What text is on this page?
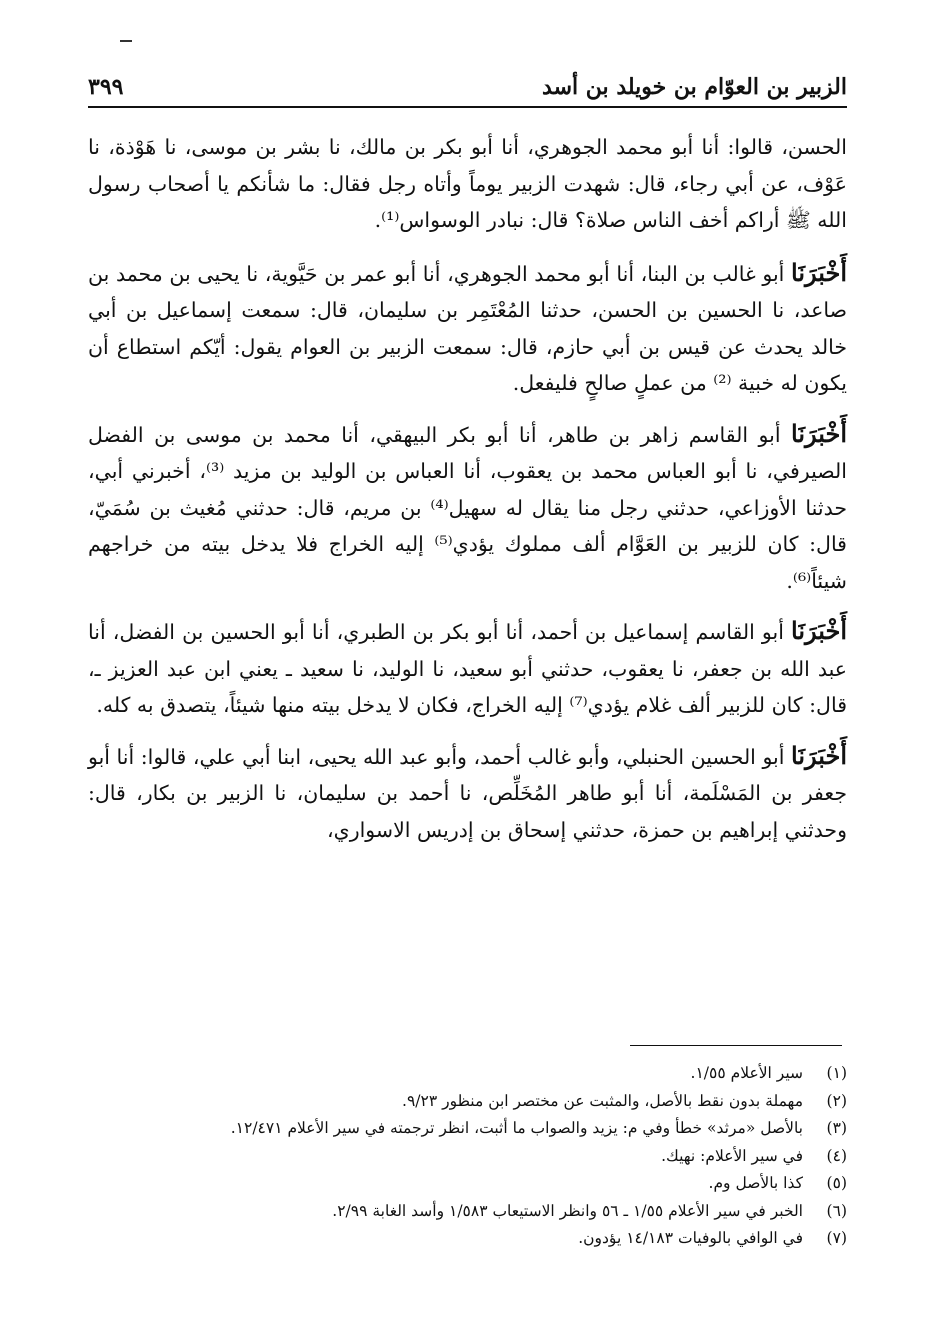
٣٩٩	الزبير بن العوّام بن خويلد بن أسد

الحسن، قالوا: أنا أبو محمد الجوهري، أنا أبو بكر بن مالك، نا بشر بن موسى، نا هَوْذة، نا عَوْف، عن أبي رجاء، قال: شهدت الزبير يوماً وأتاه رجل فقال: ما شأنكم يا أصحاب رسول الله ﷺ أراكم أخف الناس صلاة؟ قال: نبادر الوسواس⁽¹⁾.

أَخْبَرَنَا أبو غالب بن البنا، أنا أبو محمد الجوهري، أنا أبو عمر بن حَيَّوية، نا يحيى بن محمد بن صاعد، نا الحسين بن الحسن، حدثنا المُعْتَمِر بن سليمان، قال: سمعت إسماعيل بن أبي خالد يحدث عن قيس بن أبي حازم، قال: سمعت الزبير بن العوام يقول: أيّكم استطاع أن يكون له خبية ⁽²⁾ من عملٍ صالحٍ فليفعل.

أَخْبَرَنَا أبو القاسم زاهر بن طاهر، أنا أبو بكر البيهقي، أنا محمد بن موسى بن الفضل الصيرفي، نا أبو العباس محمد بن يعقوب، أنا العباس بن الوليد بن مزيد ⁽³⁾، أخبرني أبي، حدثنا الأوزاعي، حدثني رجل منا يقال له سهيل⁽⁴⁾ بن مريم، قال: حدثني مُغيث بن سُمَيّ، قال: كان للزبير بن العَوَّام ألف مملوك يؤدي⁽⁵⁾ إليه الخراج فلا يدخل بيته من خراجهم شيئاً⁽⁶⁾.

أَخْبَرَنَا أبو القاسم إسماعيل بن أحمد، أنا أبو بكر بن الطبري، أنا أبو الحسين بن الفضل، أنا عبد الله بن جعفر، نا يعقوب، حدثني أبو سعيد، نا الوليد، نا سعيد ـ يعني ابن عبد العزيز ـ، قال: كان للزبير ألف غلام يؤدي⁽⁷⁾ إليه الخراج، فكان لا يدخل بيته منها شيئاً، يتصدق به كله.

أَخْبَرَنَا أبو الحسين الحنبلي، وأبو غالب أحمد، وأبو عبد الله يحيى، ابنا أبي علي، قالوا: أنا أبو جعفر بن المَسْلَمة، أنا أبو طاهر المُخَلِّص، نا أحمد بن سليمان، نا الزبير بن بكار، قال: وحدثني إبراهيم بن حمزة، حدثني إسحاق بن إدريس الاسواري،

(١)
سير الأعلام ١/٥٥.
(٢)
مهملة بدون نقط بالأصل، والمثبت عن مختصر ابن منظور ٩/٢٣.
(٣)
بالأصل «مرثد» خطأ وفي م: يزيد والصواب ما أثبت، انظر ترجمته في سير الأعلام ١٢/٤٧١.
(٤)
في سير الأعلام: نهيك.
(٥)
كذا بالأصل وم.
(٦)
الخبر في سير الأعلام ١/٥٥ ـ ٥٦ وانظر الاستيعاب ١/٥٨٣ وأسد الغابة ٢/٩٩.
(٧)
في الوافي بالوفيات ١٤/١٨٣ يؤدون.
